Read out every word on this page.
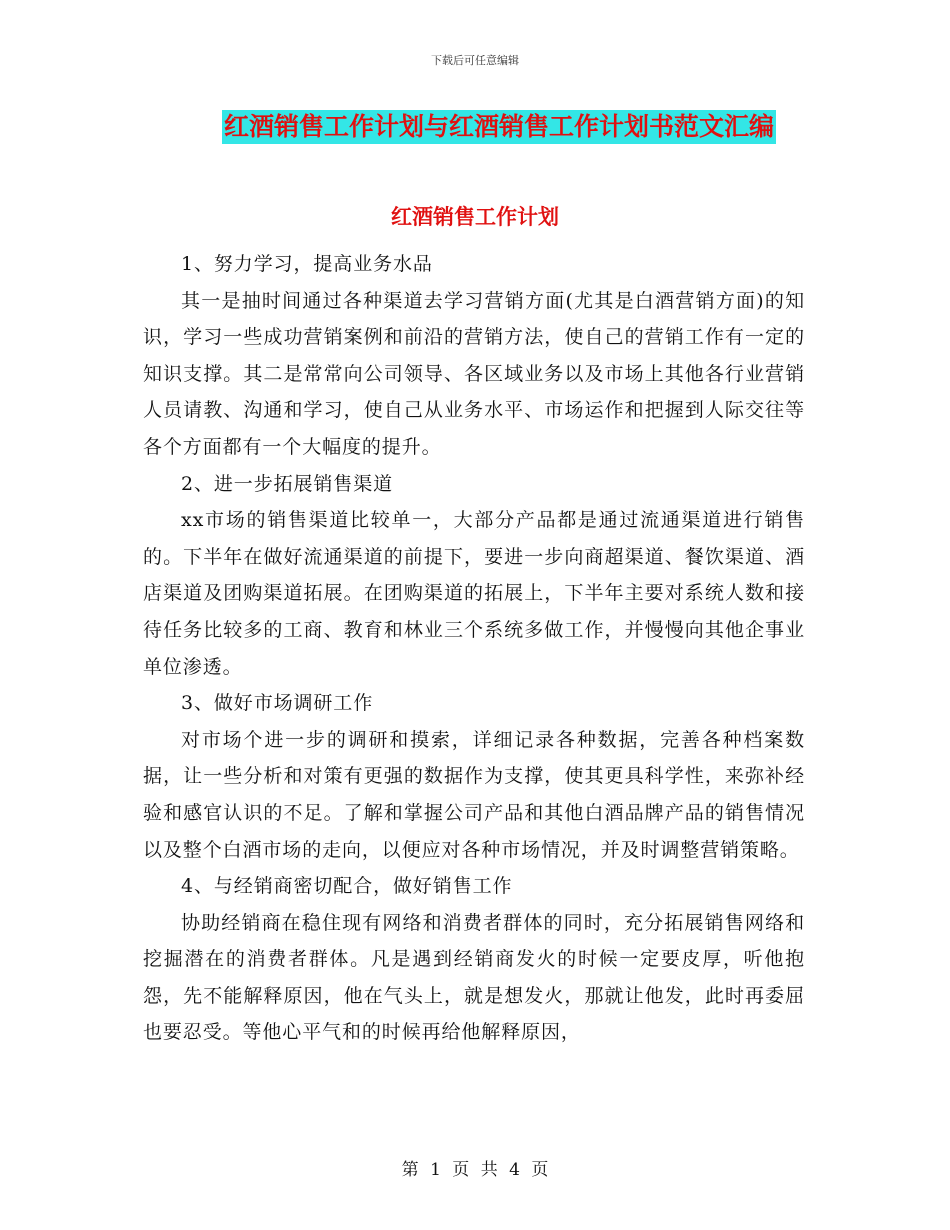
下载后可任意编辑
红酒销售工作计划与红酒销售工作计划书范文汇编
红酒销售工作计划

1、努力学习，提高业务水品

其一是抽时间通过各种渠道去学习营销方面(尤其是白酒营销方面)的知识，学习一些成功营销案例和前沿的营销方法，使自己的营销工作有一定的知识支撑。其二是常常向公司领导、各区域业务以及市场上其他各行业营销人员请教、沟通和学习，使自己从业务水平、市场运作和把握到人际交往等各个方面都有一个大幅度的提升。

2、进一步拓展销售渠道

xx市场的销售渠道比较单一，大部分产品都是通过流通渠道进行销售的。下半年在做好流通渠道的前提下，要进一步向商超渠道、餐饮渠道、酒店渠道及团购渠道拓展。在团购渠道的拓展上，下半年主要对系统人数和接待任务比较多的工商、教育和林业三个系统多做工作，并慢慢向其他企事业单位渗透。

3、做好市场调研工作

对市场个进一步的调研和摸索，详细记录各种数据，完善各种档案数据，让一些分析和对策有更强的数据作为支撑，使其更具科学性，来弥补经验和感官认识的不足。了解和掌握公司产品和其他白酒品牌产品的销售情况以及整个白酒市场的走向，以便应对各种市场情况，并及时调整营销策略。

4、与经销商密切配合，做好销售工作

协助经销商在稳住现有网络和消费者群体的同时，充分拓展销售网络和挖掘潜在的消费者群体。凡是遇到经销商发火的时候一定要皮厚，听他抱怨，先不能解释原因，他在气头上，就是想发火，那就让他发，此时再委屈也要忍受。等他心平气和的时候再给他解释原因，

第 1 页 共 4 页
